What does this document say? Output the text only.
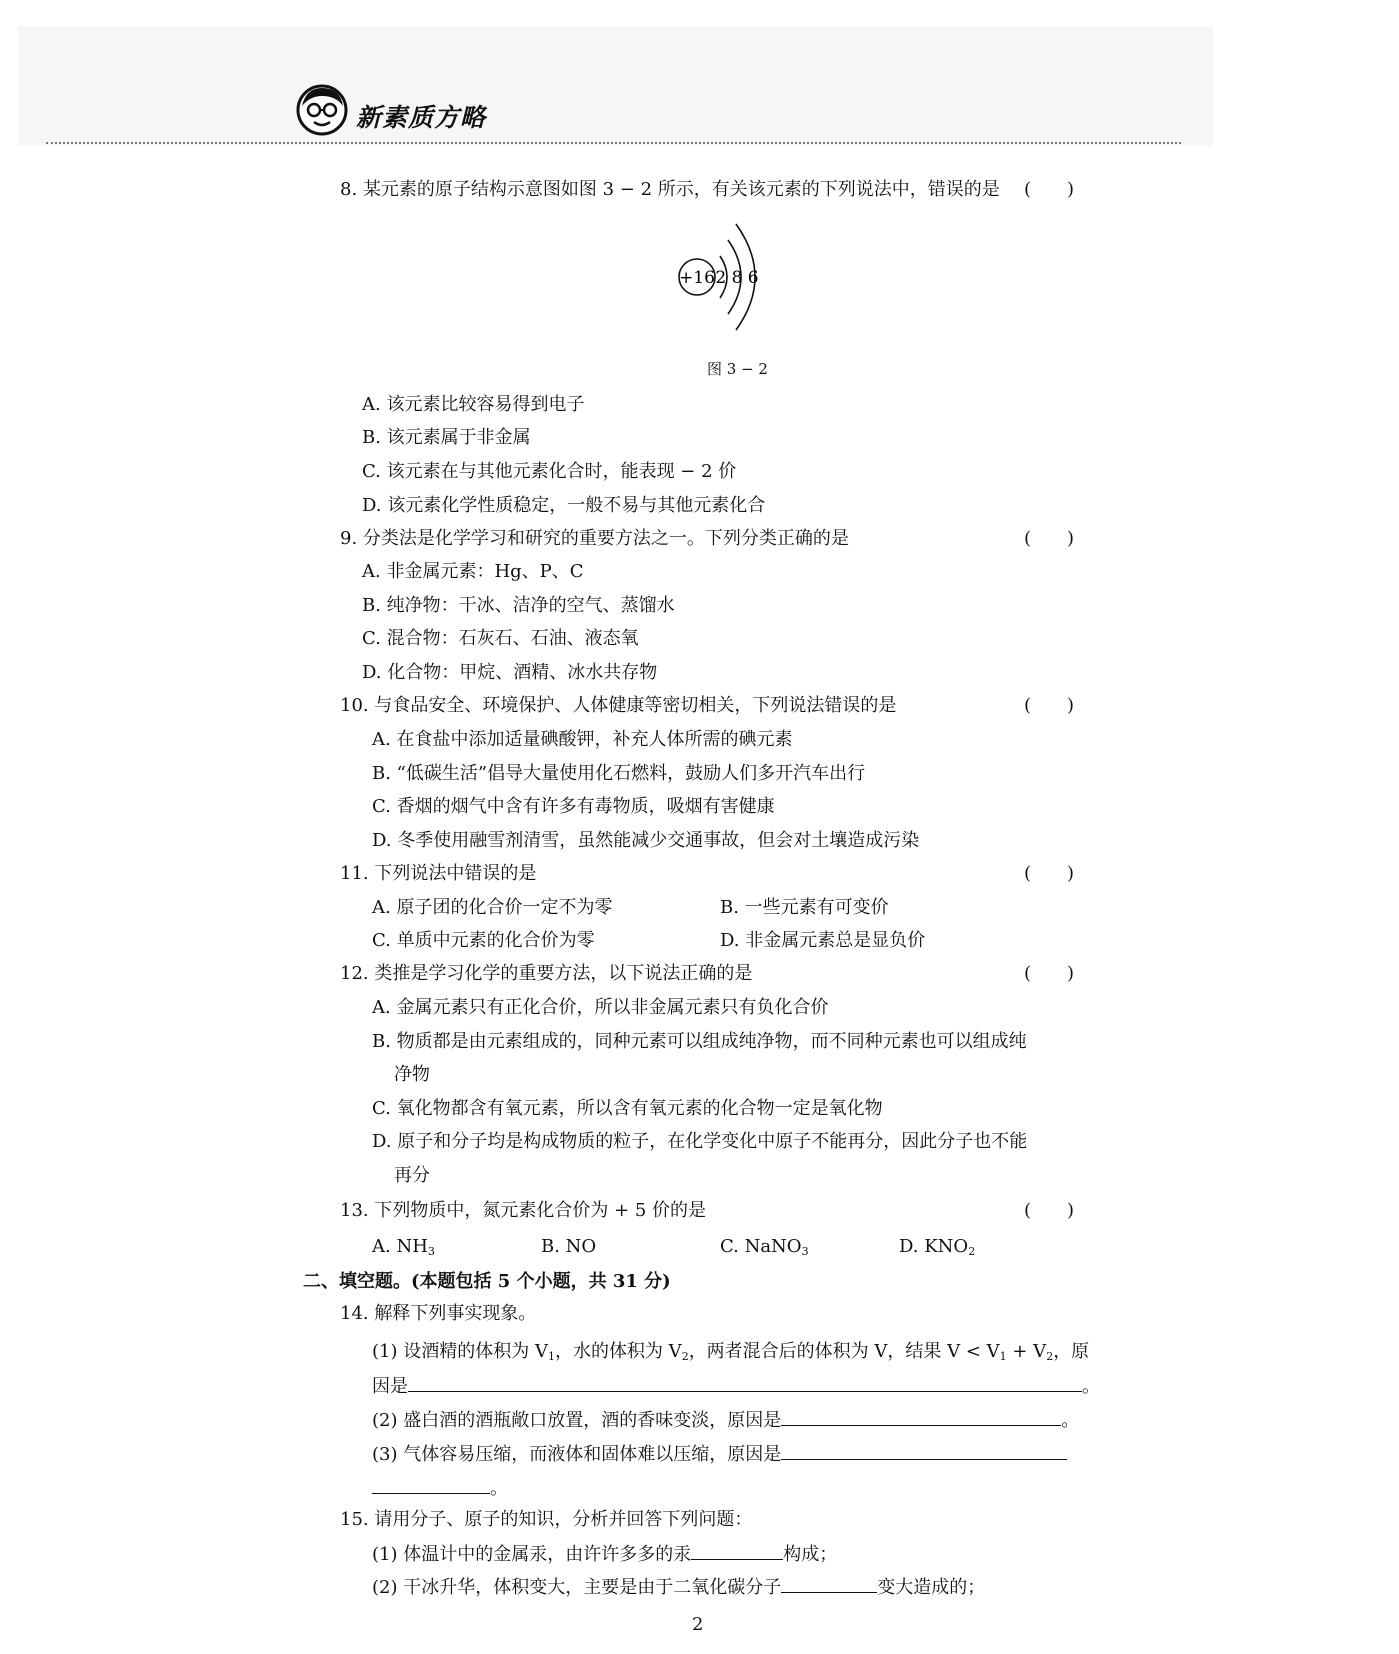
新素质方略
8. 某元素的原子结构示意图如图 3 − 2 所示，有关该元素的下列说法中，错误的是 (　　)
+16 2 8 6
图 3 − 2
A. 该元素比较容易得到电子
B. 该元素属于非金属
C. 该元素在与其他元素化合时，能表现 − 2 价
D. 该元素化学性质稳定，一般不易与其他元素化合
9. 分类法是化学学习和研究的重要方法之一。下列分类正确的是	(　　)
A. 非金属元素：Hg、P、C
B. 纯净物：干冰、洁净的空气、蒸馏水
C. 混合物：石灰石、石油、液态氧
D. 化合物：甲烷、酒精、冰水共存物
10. 与食品安全、环境保护、人体健康等密切相关，下列说法错误的是	(　　)
A. 在食盐中添加适量碘酸钾，补充人体所需的碘元素
B. “低碳生活”倡导大量使用化石燃料，鼓励人们多开汽车出行
C. 香烟的烟气中含有许多有毒物质，吸烟有害健康
D. 冬季使用融雪剂清雪，虽然能减少交通事故，但会对土壤造成污染
11. 下列说法中错误的是	(　　)
A. 原子团的化合价一定不为零	B. 一些元素有可变价
C. 单质中元素的化合价为零	D. 非金属元素总是显负价
12. 类推是学习化学的重要方法，以下说法正确的是	(　　)
A. 金属元素只有正化合价，所以非金属元素只有负化合价
B. 物质都是由元素组成的，同种元素可以组成纯净物，而不同种元素也可以组成纯
净物
C. 氧化物都含有氧元素，所以含有氧元素的化合物一定是氧化物
D. 原子和分子均是构成物质的粒子，在化学变化中原子不能再分，因此分子也不能
再分
13. 下列物质中，氮元素化合价为 + 5 价的是	(　　)
A. $NH_3$	B. NO	C. NaNO$_3$	D. $KNO_2$
二、填空题。(本题包括 5 个小题，共 31 分)
14. 解释下列事实现象。
(1) 设酒精的体积为 $V_1$，水的体积为 $V_2$，两者混合后的体积为 V，结果 $V < V_1 + V_2$，原
因是	。
(2) 盛白酒的酒瓶敞口放置，酒的香味变淡，原因是	。
(3) 气体容易压缩，而液体和固体难以压缩，原因是
。
15. 请用分子、原子的知识，分析并回答下列问题：
(1) 体温计中的金属汞，由许许多多的汞	构成；
(2) 干冰升华，体积变大，主要是由于二氧化碳分子	变大造成的；
2
